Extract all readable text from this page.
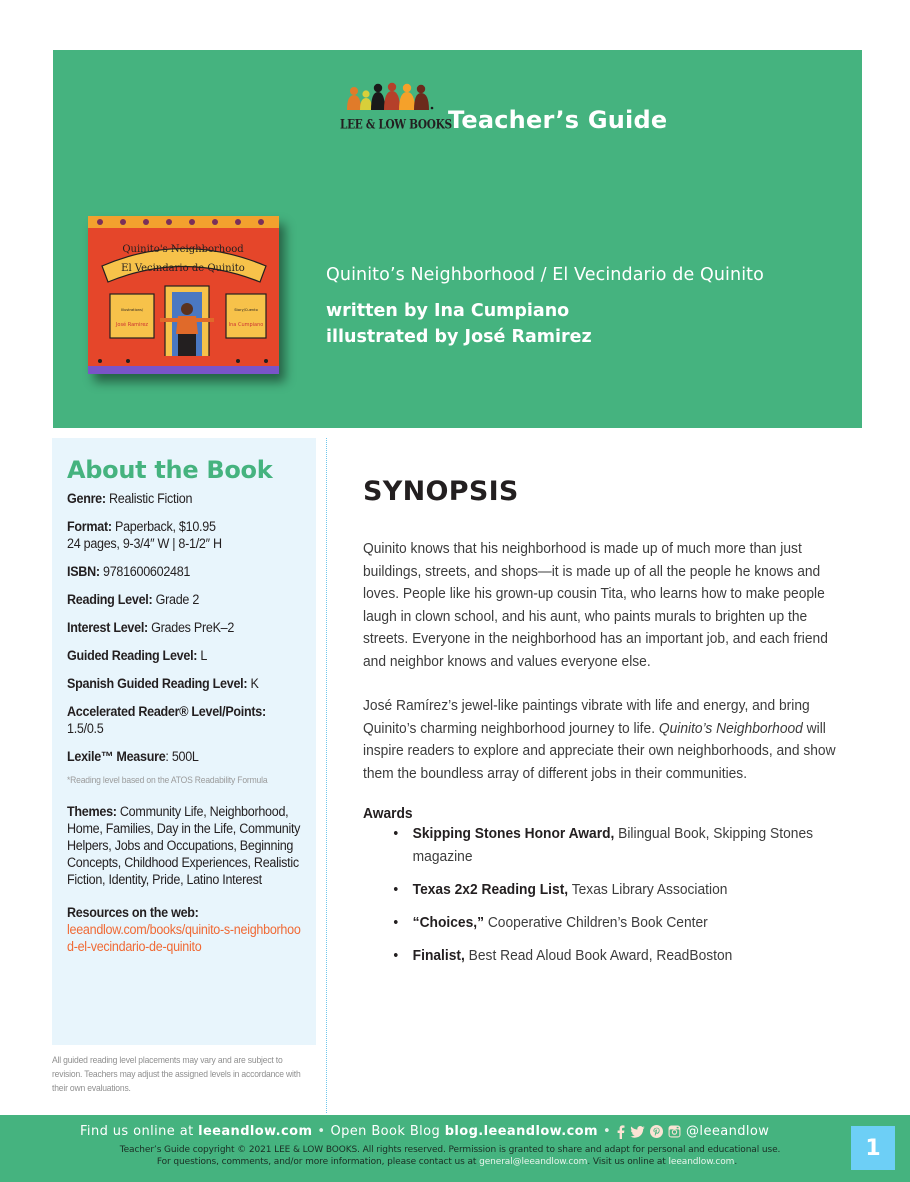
LEE & LOW BOOKS
Teacher’s Guide
Quinito's Neighborhood
El Vecindario de Quinito
Illustrations/
José Ramirez
Story/Cuento
Ina Cumpiano
Quinito’s Neighborhood / El Vecindario de Quinito
written by Ina Cumpiano
illustrated by José Ramirez
About the Book
Genre: Realistic Fiction
Format: Paperback, $10.95
24 pages, 9-3/4″ W | 8-1/2″ H
ISBN: 9781600602481
Reading Level: Grade 2
Interest Level: Grades PreK–2
Guided Reading Level: L
Spanish Guided Reading Level: K
Accelerated Reader® Level/Points:
1.5/0.5
Lexile™ Measure: 500L
*Reading level based on the ATOS Readability Formula
Themes: Community Life, Neighborhood, Home, Families, Day in the Life, Community Helpers, Jobs and Occupations, Beginning Concepts, Childhood Experiences, Realistic Fiction, Identity, Pride, Latino Interest
Resources on the web:
leeandlow.com/books/quinito-s-neighborhood-el-vecindario-de-quinito
All guided reading level placements may vary and are subject to revision. Teachers may adjust the assigned levels in accordance with their own evaluations.
SYNOPSIS

Quinito knows that his neighborhood is made up of much more than just buildings, streets, and shops—it is made up of all the people he knows and loves. People like his grown-up cousin Tita, who learns how to make people laugh in clown school, and his aunt, who paints murals to brighten up the streets. Everyone in the neighborhood has an important job, and each friend and neighbor knows and values everyone else.

José Ramírez’s jewel-like paintings vibrate with life and energy, and bring Quinito’s charming neighborhood journey to life. Quinito’s Neighborhood will inspire readers to explore and appreciate their own neighborhoods, and show them the boundless array of different jobs in their communities.

Awards
• Skipping Stones Honor Award, Bilingual Book, Skipping Stones magazine
• Texas 2x2 Reading List, Texas Library Association
• “Choices,” Cooperative Children’s Book Center
• Finalist, Best Read Aloud Book Award, ReadBoston
Find us online at leeandlow.com • Open Book Blog blog.leeandlow.com •	@leeandlow
Teacher’s Guide copyright © 2021 LEE & LOW BOOKS. All rights reserved. Permission is granted to share and adapt for personal and educational use.
For questions, comments, and/or more information, please contact us at general@leeandlow.com. Visit us online at leeandlow.com.
1
